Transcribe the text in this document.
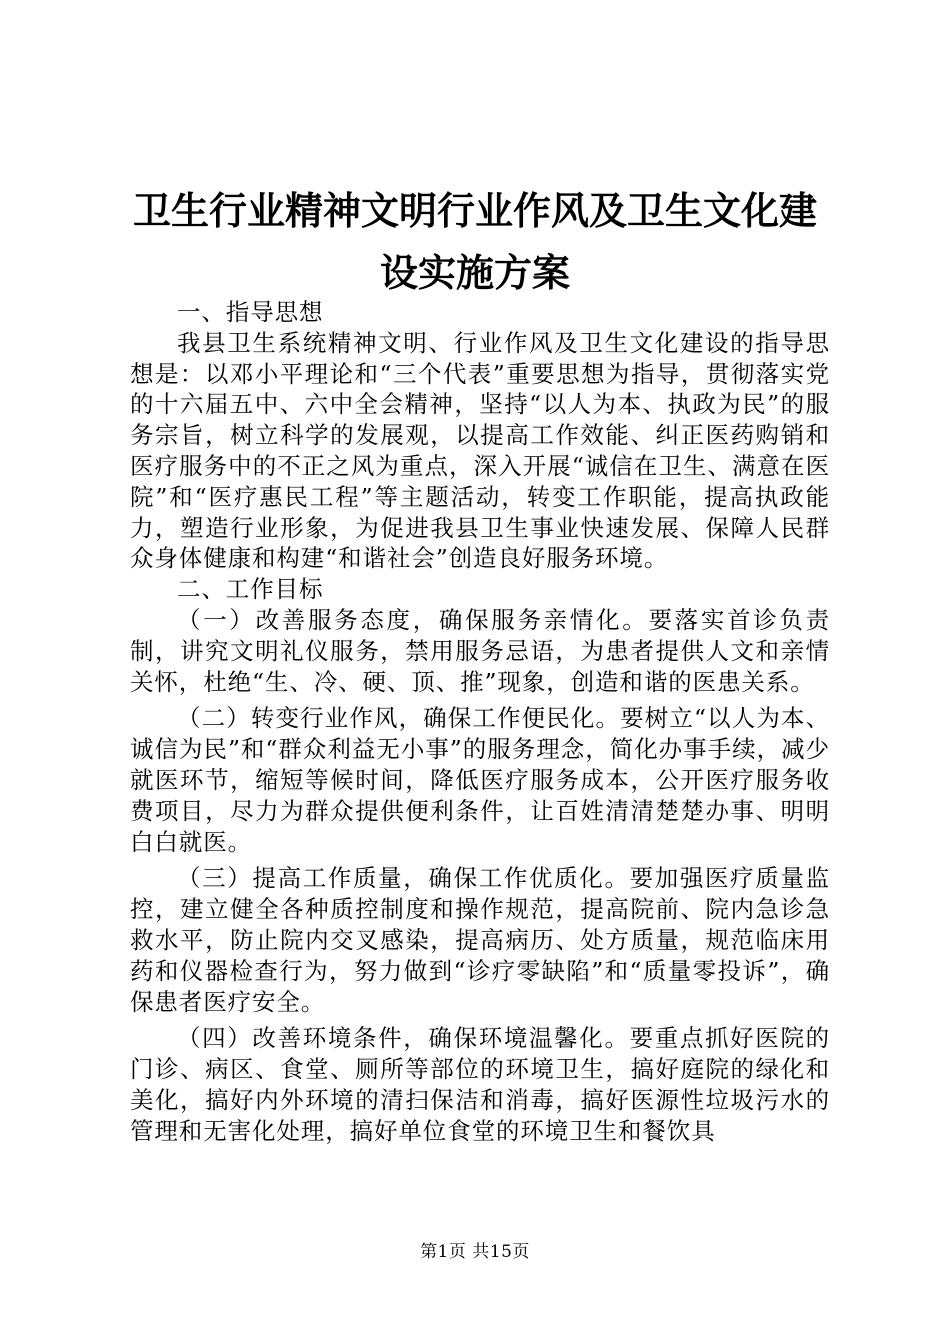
卫生行业精神文明行业作风及卫生文化建设实施方案

一、指导思想

我县卫生系统精神文明、行业作风及卫生文化建设的指导思想是：以邓小平理论和“三个代表”重要思想为指导，贯彻落实党的十六届五中、六中全会精神，坚持“以人为本、执政为民”的服务宗旨，树立科学的发展观，以提高工作效能、纠正医药购销和医疗服务中的不正之风为重点，深入开展“诚信在卫生、满意在医院”和“医疗惠民工程”等主题活动，转变工作职能，提高执政能力，塑造行业形象，为促进我县卫生事业快速发展、保障人民群众身体健康和构建“和谐社会”创造良好服务环境。

二、工作目标

（一）改善服务态度，确保服务亲情化。要落实首诊负责制，讲究文明礼仪服务，禁用服务忌语，为患者提供人文和亲情关怀，杜绝“生、冷、硬、顶、推”现象，创造和谐的医患关系。

（二）转变行业作风，确保工作便民化。要树立“以人为本、诚信为民”和“群众利益无小事”的服务理念，简化办事手续，减少就医环节，缩短等候时间，降低医疗服务成本，公开医疗服务收费项目，尽力为群众提供便利条件，让百姓清清楚楚办事、明明白白就医。

（三）提高工作质量，确保工作优质化。要加强医疗质量监控，建立健全各种质控制度和操作规范，提高院前、院内急诊急救水平，防止院内交叉感染，提高病历、处方质量，规范临床用药和仪器检查行为，努力做到“诊疗零缺陷”和“质量零投诉”，确保患者医疗安全。

（四）改善环境条件，确保环境温馨化。要重点抓好医院的门诊、病区、食堂、厕所等部位的环境卫生，搞好庭院的绿化和美化，搞好内外环境的清扫保洁和消毒，搞好医源性垃圾污水的管理和无害化处理，搞好单位食堂的环境卫生和餐饮具

第1页 共15页
